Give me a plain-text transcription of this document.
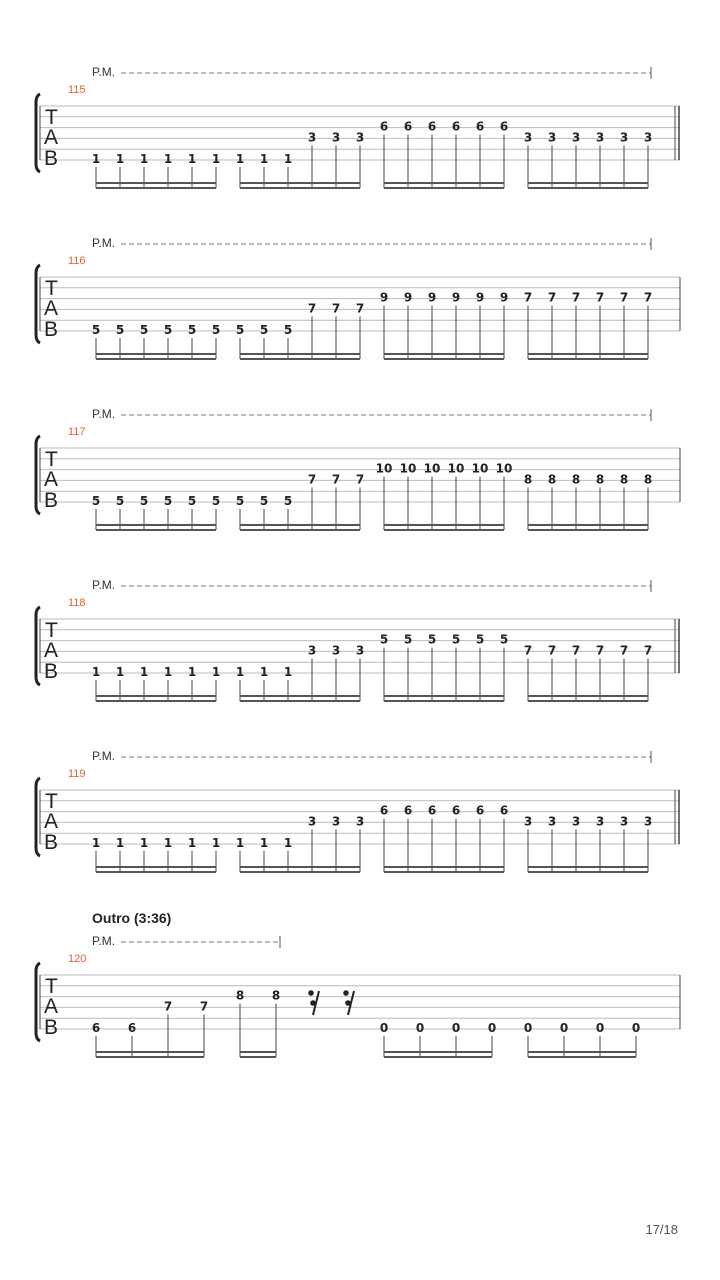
P.M.
115
T
A
B	1 1 1 1 1 1 1 1 1
3 3 3
6 6 6 6 6 6
3 3 3 3 3 3
P.M.
116
T
A
B	5 5 5 5 5 5 5 5 5
7 7 7
9 9 9 9 9 9 7 7 7 7 7 7
P.M.
117
T
A
B	5 5 5 5 5 5 5 5 5
7 7 7
10 10 10 10 10 10
8 8 8 8 8 8
P.M.
118
T
A
B	1 1 1 1 1 1 1 1 1
3 3 3
5 5 5 5 5 5
7 7 7 7 7 7
P.M.
119
T
A
B	1 1 1 1 1 1 1 1 1
3 3 3
6 6 6 6 6 6
3 3 3 3 3 3
P.M.
Outro (3:36)
120
T
A
B	6 6
7 7
8 8
0 0 0 0 0 0 0 0
17/18
